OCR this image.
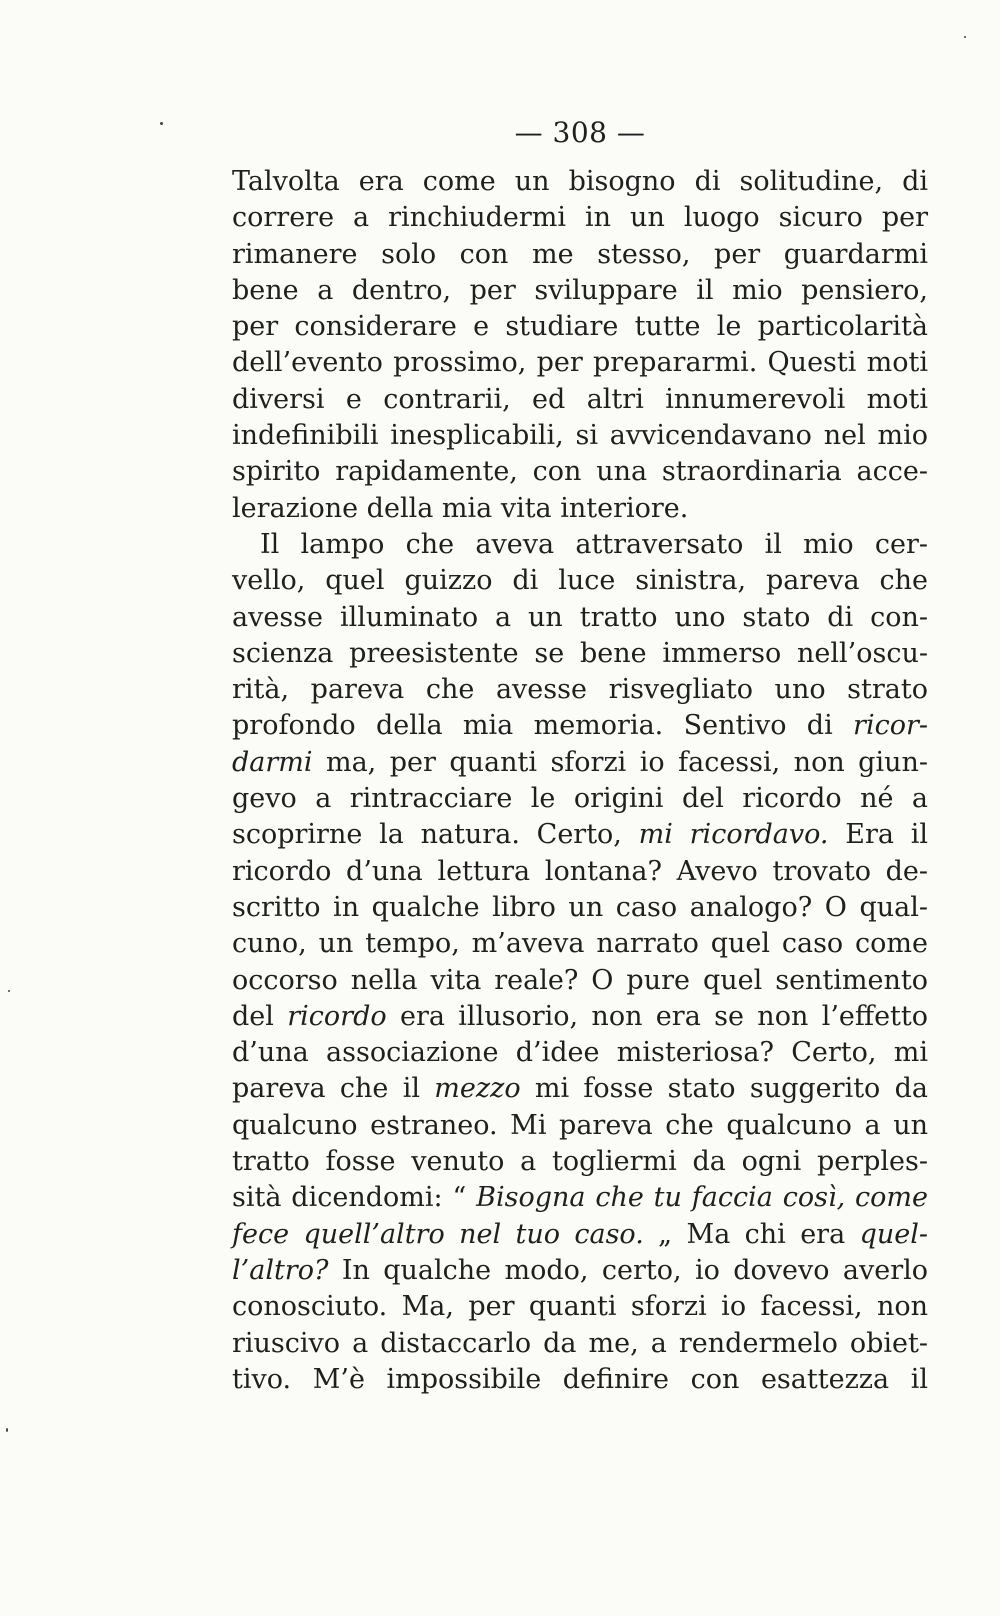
— 308 —
Talvolta era come un bisogno di solitudine, di
correre a rinchiudermi in un luogo sicuro per
rimanere solo con me stesso, per guardarmi
bene a dentro, per sviluppare il mio pensiero,
per considerare e studiare tutte le particolarità
dell’evento prossimo, per prepararmi. Questi moti
diversi e contrarii, ed altri innumerevoli moti
indefinibili inesplicabili, si avvicendavano nel mio
spirito rapidamente, con una straordinaria acce-
lerazione della mia vita interiore.
Il lampo che aveva attraversato il mio cer-
vello, quel guizzo di luce sinistra, pareva che
avesse illuminato a un tratto uno stato di con-
scienza preesistente se bene immerso nell’oscu-
rità, pareva che avesse risvegliato uno strato
profondo della mia memoria. Sentivo di ricor-
darmi ma, per quanti sforzi io facessi, non giun-
gevo a rintracciare le origini del ricordo né a
scoprirne la natura. Certo, mi ricordavo. Era il
ricordo d’una lettura lontana? Avevo trovato de-
scritto in qualche libro un caso analogo? O qual-
cuno, un tempo, m’aveva narrato quel caso come
occorso nella vita reale? O pure quel sentimento
del ricordo era illusorio, non era se non l’effetto
d’una associazione d’idee misteriosa? Certo, mi
pareva che il mezzo mi fosse stato suggerito da
qualcuno estraneo. Mi pareva che qualcuno a un
tratto fosse venuto a togliermi da ogni perples-
sità dicendomi: “ Bisogna che tu faccia così, come
fece quell’altro nel tuo caso. „ Ma chi era quel-
l’altro? In qualche modo, certo, io dovevo averlo
conosciuto. Ma, per quanti sforzi io facessi, non
riuscivo a distaccarlo da me, a rendermelo obiet-
tivo. M’è impossibile definire con esattezza il
